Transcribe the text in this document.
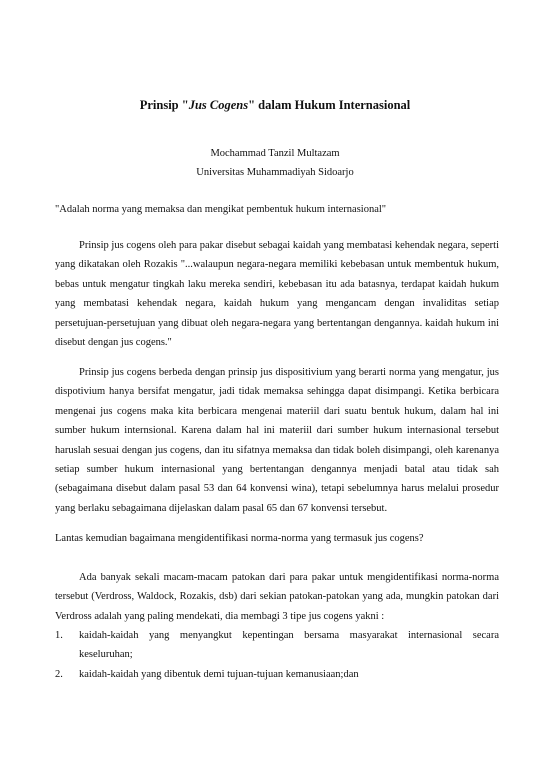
Prinsip "Jus Cogens" dalam Hukum Internasional
Mochammad Tanzil Multazam
Universitas Muhammadiyah Sidoarjo
"Adalah norma yang memaksa dan mengikat pembentuk hukum internasional"

Prinsip jus cogens oleh para pakar disebut sebagai kaidah yang membatasi kehendak negara, seperti yang dikatakan oleh Rozakis "...walaupun negara-negara memiliki kebebasan untuk membentuk hukum, bebas untuk mengatur tingkah laku mereka sendiri, kebebasan itu ada batasnya, terdapat kaidah hukum yang membatasi kehendak negara, kaidah hukum yang mengancam dengan invaliditas setiap persetujuan-persetujuan yang dibuat oleh negara-negara yang bertentangan dengannya. kaidah hukum ini disebut dengan jus cogens."

Prinsip jus cogens berbeda dengan prinsip jus dispositivium yang berarti norma yang mengatur, jus dispotivium hanya bersifat mengatur, jadi tidak memaksa sehingga dapat disimpangi. Ketika berbicara mengenai jus cogens maka kita berbicara mengenai materiil dari suatu bentuk hukum, dalam hal ini sumber hukum internsional. Karena dalam hal ini materiil dari sumber hukum internasional tersebut haruslah sesuai dengan jus cogens, dan itu sifatnya memaksa dan tidak boleh disimpangi, oleh karenanya setiap sumber hukum internasional yang bertentangan dengannya menjadi batal atau tidak sah (sebagaimana disebut dalam pasal 53 dan 64 konvensi wina), tetapi sebelumnya harus melalui prosedur yang berlaku sebagaimana dijelaskan dalam pasal 65 dan 67 konvensi tersebut.

Lantas kemudian bagaimana mengidentifikasi norma-norma yang termasuk jus cogens?

Ada banyak sekali macam-macam patokan dari para pakar untuk mengidentifikasi norma-norma tersebut (Verdross, Waldock, Rozakis, dsb) dari sekian patokan-patokan yang ada, mungkin patokan dari Verdross adalah yang paling mendekati, dia membagi 3 tipe jus cogens yakni :

1. kaidah-kaidah yang menyangkut kepentingan bersama masyarakat internasional secara keseluruhan;
2. kaidah-kaidah yang dibentuk demi tujuan-tujuan kemanusiaan;dan
